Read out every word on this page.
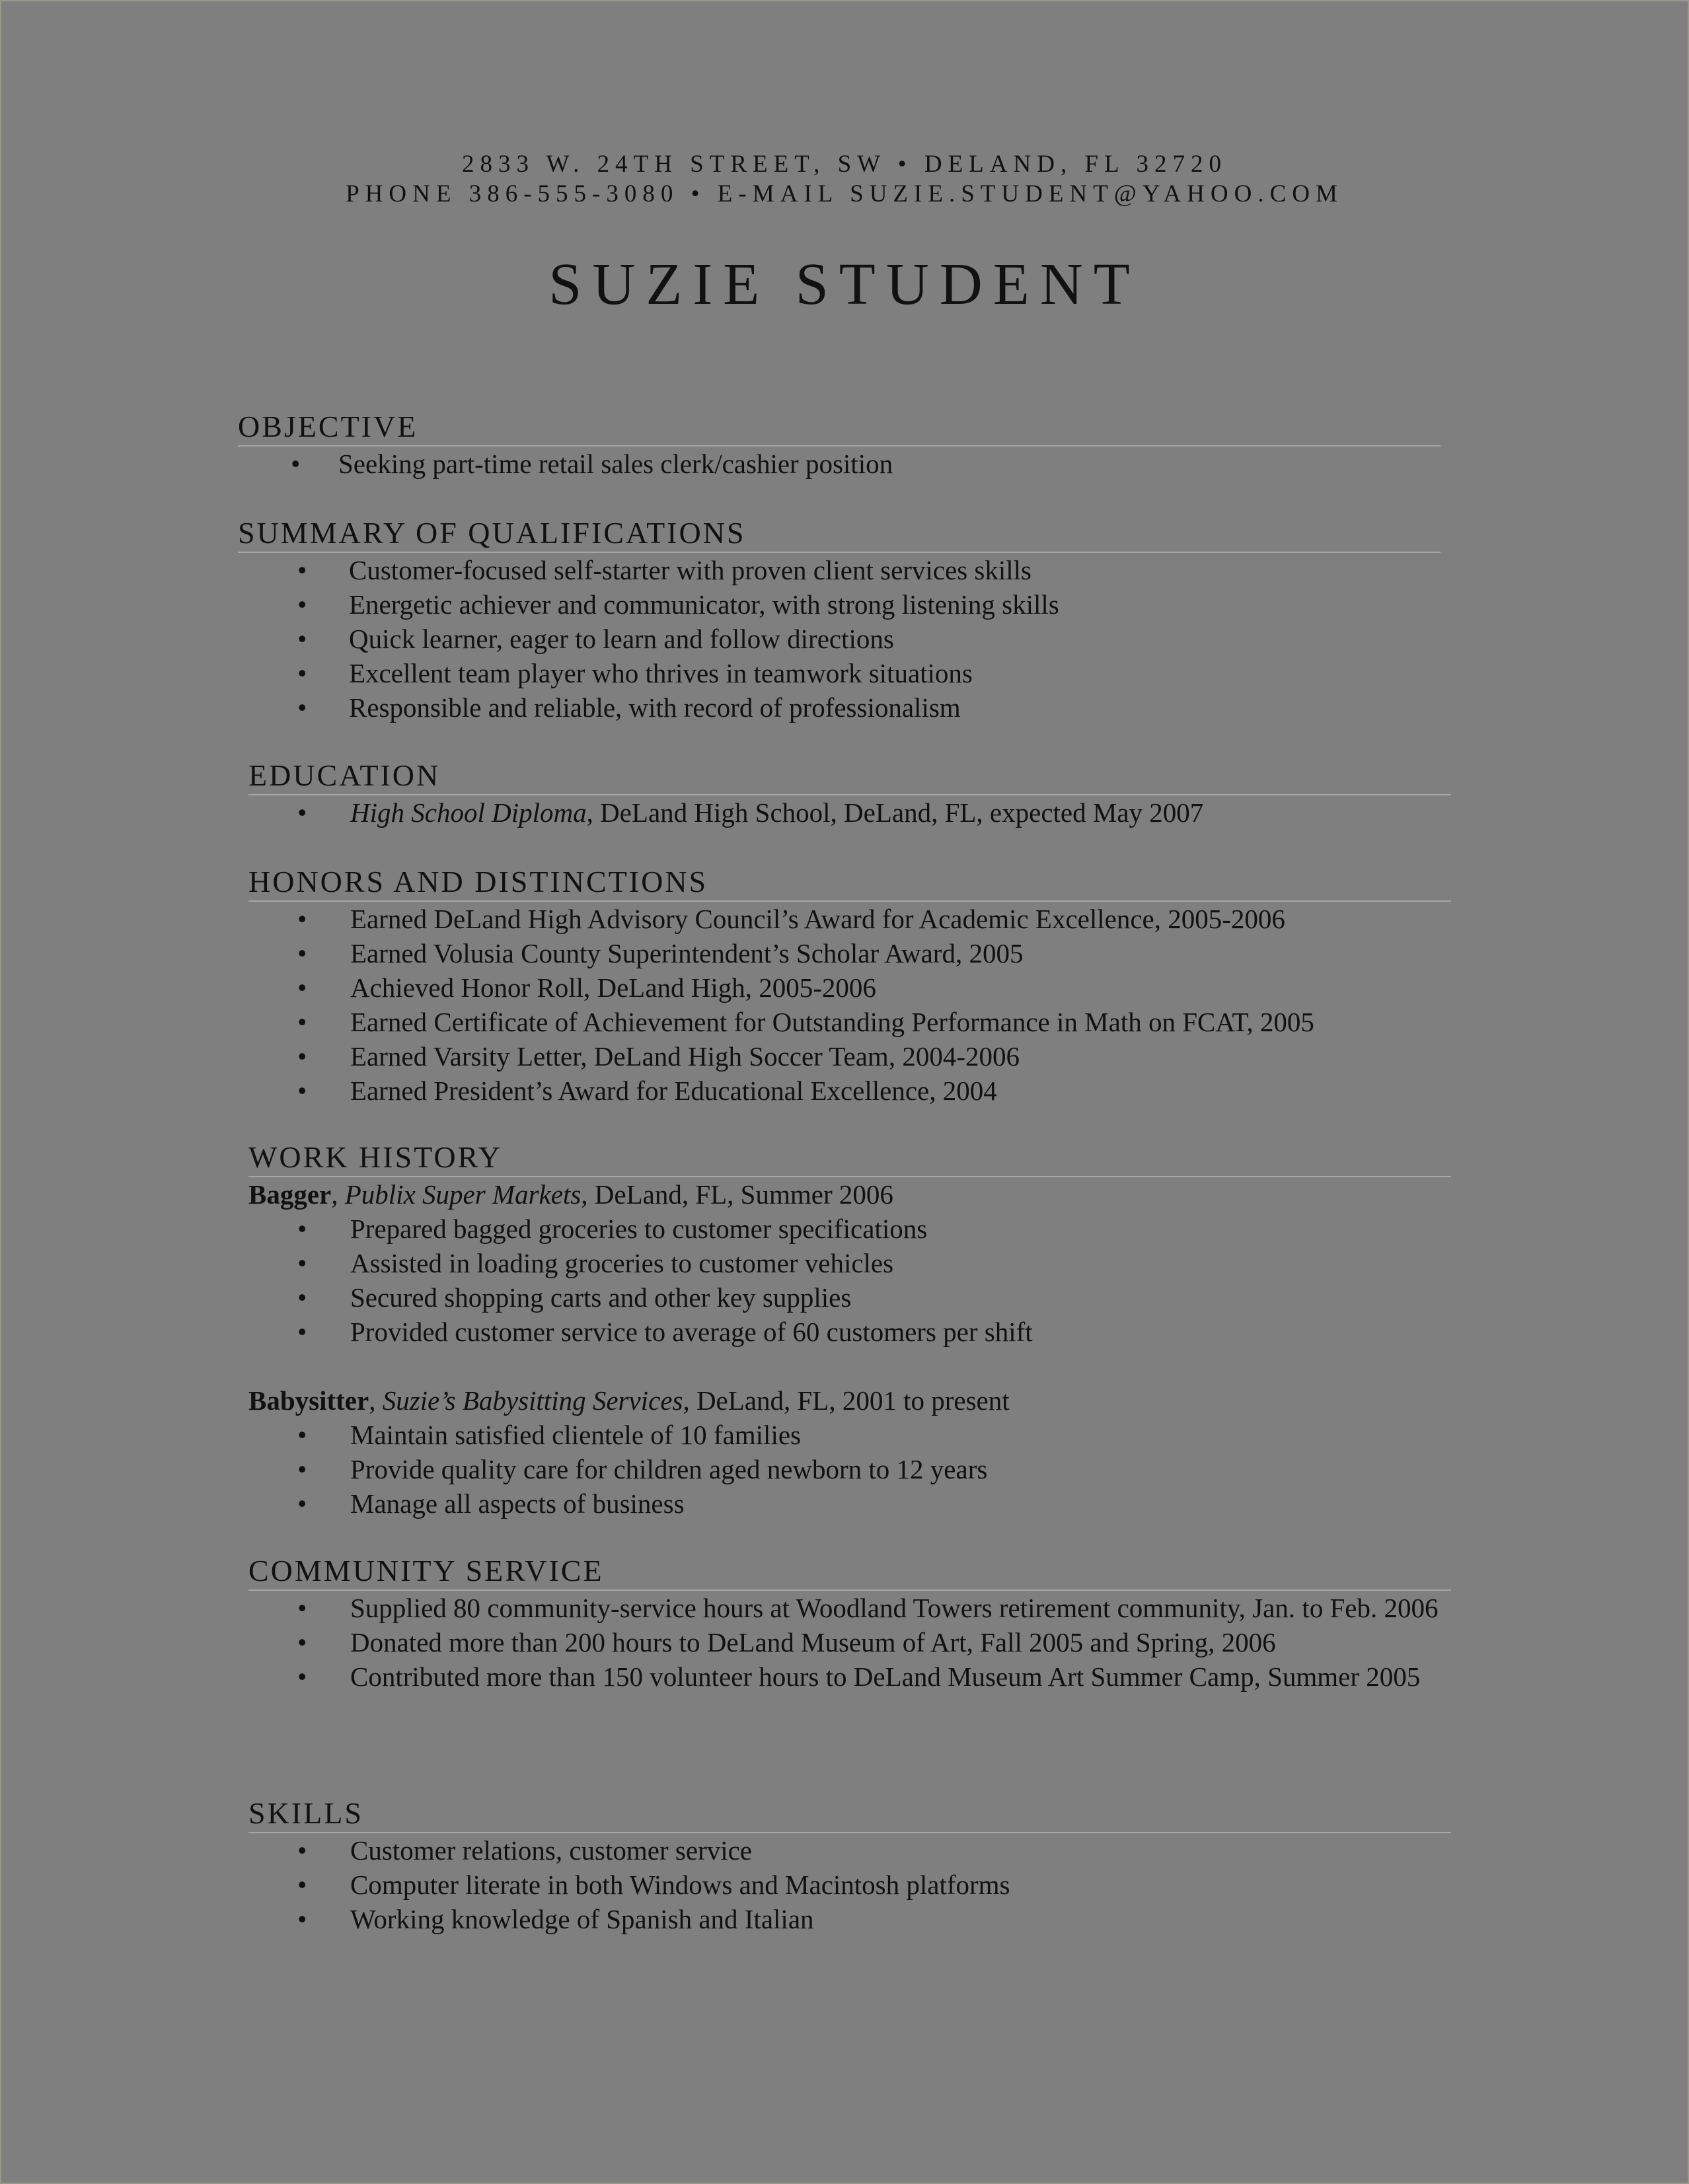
2833 W. 24TH STREET, SW • DELAND, FL 32720
PHONE 386-555-3080 • E-MAIL SUZIE.STUDENT@YAHOO.COM
SUZIE STUDENT
OBJECTIVE
• Seeking part-time retail sales clerk/cashier position
SUMMARY OF QUALIFICATIONS
• Customer-focused self-starter with proven client services skills
• Energetic achiever and communicator, with strong listening skills
• Quick learner, eager to learn and follow directions
• Excellent team player who thrives in teamwork situations
• Responsible and reliable, with record of professionalism
EDUCATION
• High School Diploma, DeLand High School, DeLand, FL, expected May 2007
HONORS AND DISTINCTIONS
• Earned DeLand High Advisory Council’s Award for Academic Excellence, 2005-2006
• Earned Volusia County Superintendent’s Scholar Award, 2005
• Achieved Honor Roll, DeLand High, 2005-2006
• Earned Certificate of Achievement for Outstanding Performance in Math on FCAT, 2005
• Earned Varsity Letter, DeLand High Soccer Team, 2004-2006
• Earned President’s Award for Educational Excellence, 2004
WORK HISTORY
Bagger, Publix Super Markets, DeLand, FL, Summer 2006
• Prepared bagged groceries to customer specifications
• Assisted in loading groceries to customer vehicles
• Secured shopping carts and other key supplies
• Provided customer service to average of 60 customers per shift
Babysitter, Suzie’s Babysitting Services, DeLand, FL, 2001 to present
• Maintain satisfied clientele of 10 families
• Provide quality care for children aged newborn to 12 years
• Manage all aspects of business
COMMUNITY SERVICE
• Supplied 80 community-service hours at Woodland Towers retirement community, Jan. to Feb. 2006
• Donated more than 200 hours to DeLand Museum of Art, Fall 2005 and Spring, 2006
• Contributed more than 150 volunteer hours to DeLand Museum Art Summer Camp, Summer 2005
SKILLS
• Customer relations, customer service
• Computer literate in both Windows and Macintosh platforms
• Working knowledge of Spanish and Italian
